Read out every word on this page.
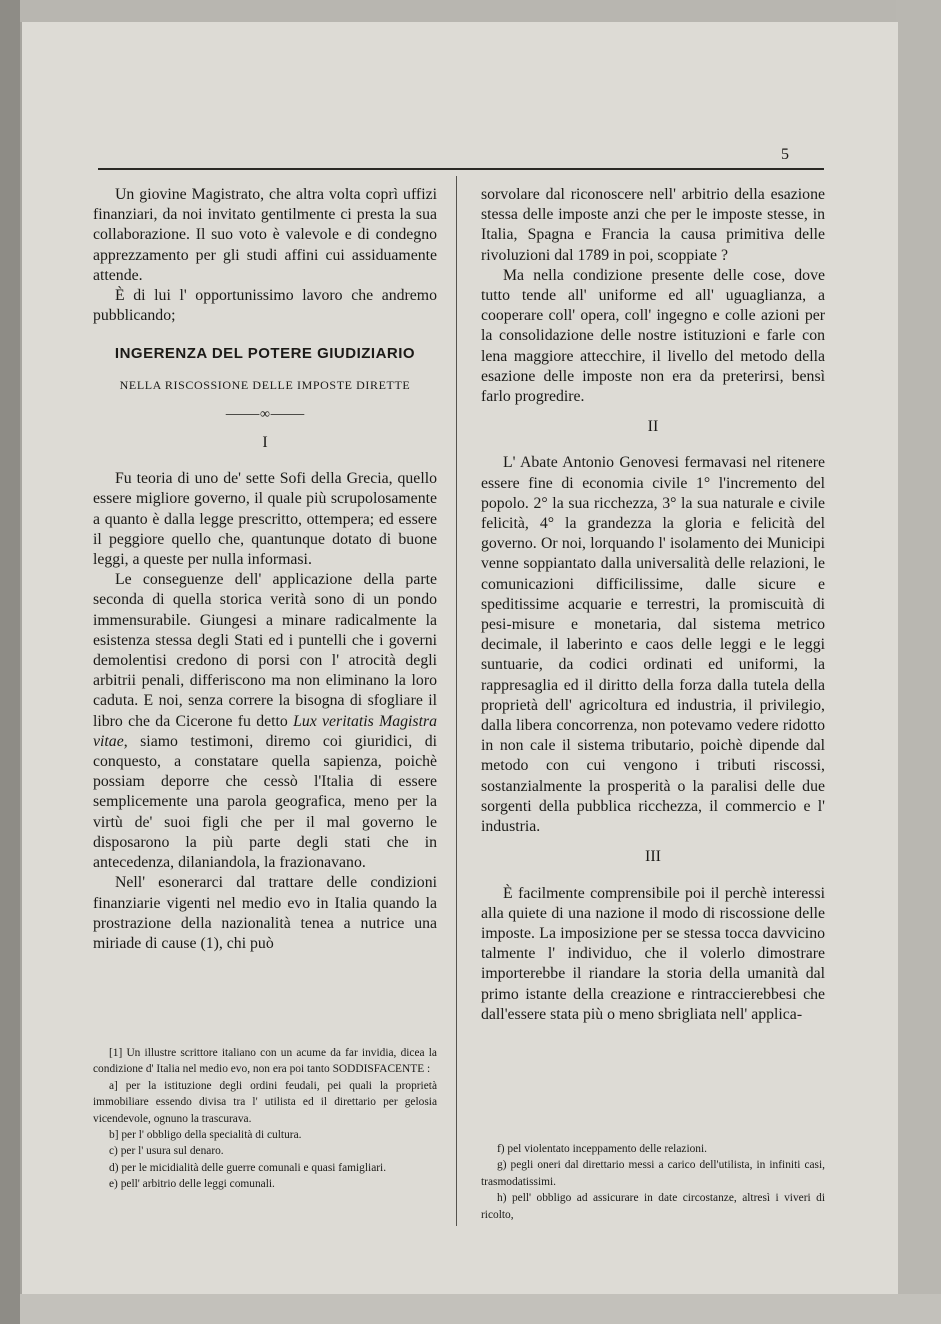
5

Un giovine Magistrato, che altra volta coprì uffizi finanziari, da noi invitato gentilmente ci presta la sua collaborazione. Il suo voto è valevole e di condegno apprezzamento per gli studi affini cui assiduamente attende.

È di lui l' opportunissimo lavoro che andremo pubblicando;

INGERENZA DEL POTERE GIUDIZIARIO
NELLA RISCOSSIONE DELLE IMPOSTE DIRETTE
⸻∞⸻
I

Fu teoria di uno de' sette Sofi della Grecia, quello essere migliore governo, il quale più scrupolosamente a quanto è dalla legge prescritto, ottempera; ed essere il peggiore quello che, quantunque dotato di buone leggi, a queste per nulla informasi.

Le conseguenze dell' applicazione della parte seconda di quella storica verità sono di un pondo immensurabile. Giungesi a minare radicalmente la esistenza stessa degli Stati ed i puntelli che i governi demolentisi credono di porsi con l' atrocità degli arbitrii penali, differiscono ma non eliminano la loro caduta. E noi, senza correre la bisogna di sfogliare il libro che da Cicerone fu detto Lux veritatis Magistra vitae, siamo testimoni, diremo coi giuridici, di conquesto, a constatare quella sapienza, poichè possiam deporre che cessò l'Italia di essere semplicemente una parola geografica, meno per la virtù de' suoi figli che per il mal governo le disposarono la più parte degli stati che in antecedenza, dilaniandola, la frazionavano.

Nell' esonerarci dal trattare delle condizioni finanziarie vigenti nel medio evo in Italia quando la prostrazione della nazionalità tenea a nutrice una miriade di cause (1), chi può

[1] Un illustre scrittore italiano con un acume da far invidia, dicea la condizione d' Italia nel medio evo, non era poi tanto SODDISFACENTE :

a] per la istituzione degli ordini feudali, pei quali la proprietà immobiliare essendo divisa tra l' utilista ed il direttario per gelosia vicendevole, ognuno la trascurava.

b] per l' obbligo della specialità di cultura.

c) per l' usura sul denaro.

d) per le micidialità delle guerre comunali e quasi famigliari.

e) pell' arbitrio delle leggi comunali.

sorvolare dal riconoscere nell' arbitrio della esazione stessa delle imposte anzi che per le imposte stesse, in Italia, Spagna e Francia la causa primitiva delle rivoluzioni dal 1789 in poi, scoppiate ?

Ma nella condizione presente delle cose, dove tutto tende all' uniforme ed all' uguaglianza, a cooperare coll' opera, coll' ingegno e colle azioni per la consolidazione delle nostre istituzioni e farle con lena maggiore attecchire, il livello del metodo della esazione delle imposte non era da preterirsi, bensì farlo progredire.

II

L' Abate Antonio Genovesi fermavasi nel ritenere essere fine di economia civile 1° l'incremento del popolo. 2° la sua ricchezza, 3° la sua naturale e civile felicità, 4° la grandezza la gloria e felicità del governo. Or noi, lorquando l' isolamento dei Municipi venne soppiantato dalla universalità delle relazioni, le comunicazioni difficilissime, dalle sicure e speditissime acquarie e terrestri, la promiscuità di pesi-misure e monetaria, dal sistema metrico decimale, il laberinto e caos delle leggi e le leggi suntuarie, da codici ordinati ed uniformi, la rappresaglia ed il diritto della forza dalla tutela della proprietà dell' agricoltura ed industria, il privilegio, dalla libera concorrenza, non potevamo vedere ridotto in non cale il sistema tributario, poichè dipende dal metodo con cui vengono i tributi riscossi, sostanzialmente la prosperità o la paralisi delle due sorgenti della pubblica ricchezza, il commercio e l' industria.

III

È facilmente comprensibile poi il perchè interessi alla quiete di una nazione il modo di riscossione delle imposte. La imposizione per se stessa tocca davvicino talmente l' individuo, che il volerlo dimostrare importerebbe il riandare la storia della umanità dal primo istante della creazione e rintraccierebbesi che dall'essere stata più o meno sbrigliata nell' applica-

f) pel violentato inceppamento delle relazioni.

g) pegli oneri dal direttario messi a carico dell'utilista, in infiniti casi, trasmodatissimi.

h) pell' obbligo ad assicurare in date circostanze, altresì i viveri di ricolto,
